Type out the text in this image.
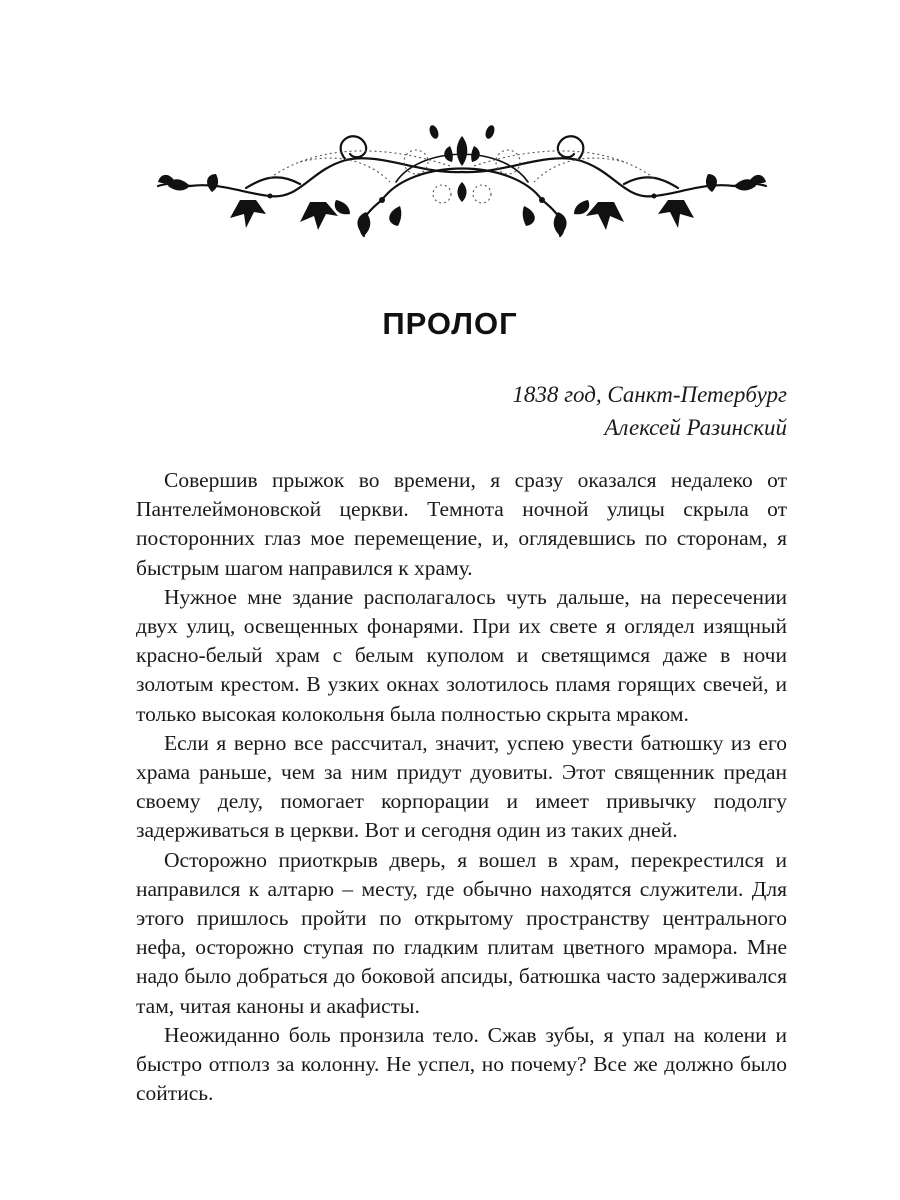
ПРОЛОГ
1838 год, Санкт-Петербург
Алексей Разинский

Совершив прыжок во времени, я сразу оказался недалеко от Пантелеймоновской церкви. Темнота ночной улицы скрыла от посторонних глаз мое перемещение, и, оглядевшись по сторонам, я быстрым шагом направился к храму.

Нужное мне здание располагалось чуть дальше, на пересечении двух улиц, освещенных фонарями. При их свете я оглядел изящный красно-белый храм с белым куполом и светящимся даже в ночи золотым крестом. В узких окнах золотилось пламя горящих свечей, и только высокая колокольня была полностью скрыта мраком.

Если я верно все рассчитал, значит, успею увести батюшку из его храма раньше, чем за ним придут дуовиты. Этот священник предан своему делу, помогает корпорации и имеет привычку подолгу задерживаться в церкви. Вот и сегодня один из таких дней.

Осторожно приоткрыв дверь, я вошел в храм, перекрестился и направился к алтарю – месту, где обычно находятся служители. Для этого пришлось пройти по открытому пространству центрального нефа, осторожно ступая по гладким плитам цветного мрамора. Мне надо было добраться до боковой апсиды, батюшка часто задерживался там, читая каноны и акафисты.

Неожиданно боль пронзила тело. Сжав зубы, я упал на колени и быстро отполз за колонну. Не успел, но почему? Все же должно было сойтись.
